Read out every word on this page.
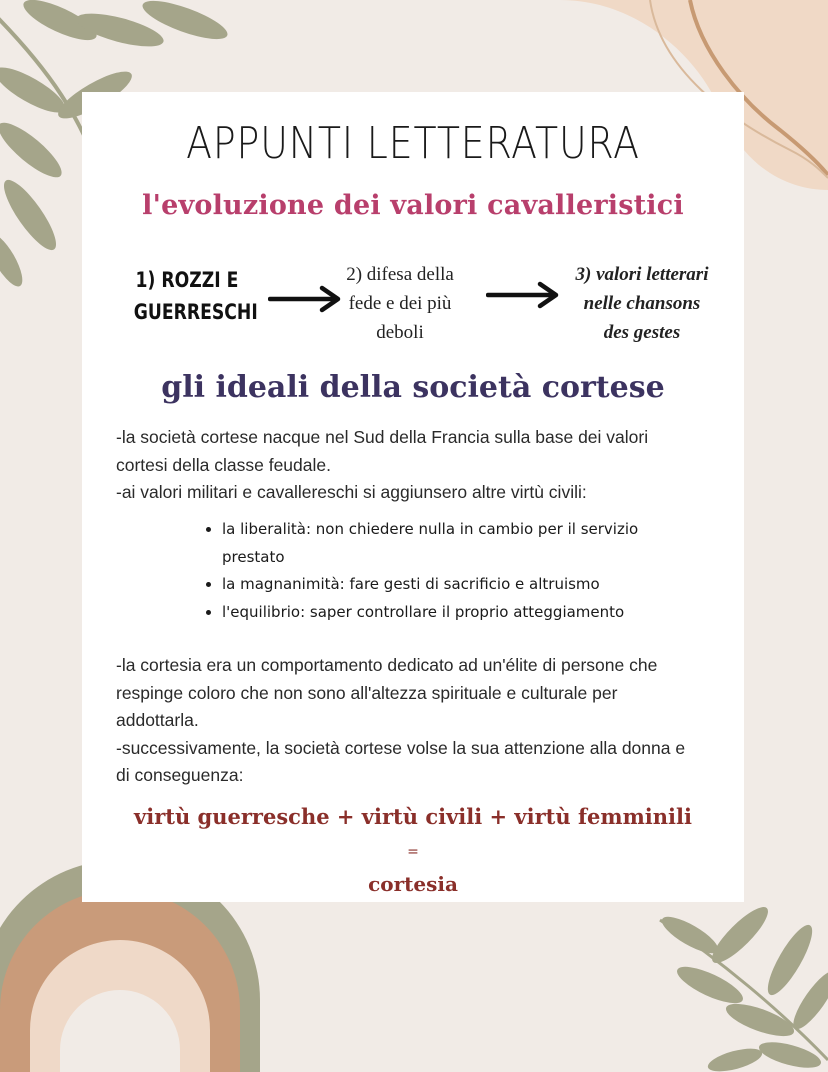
APPUNTI LETTERATURA
l'evoluzione dei valori cavalleristici
1) ROZZI E
GUERRESCHI
2) difesa della
fede e dei più
deboli
3) valori letterari
nelle chansons
des gestes
gli ideali della società cortese
-la società cortese nacque nel Sud della Francia sulla base dei valori
cortesi della classe feudale.
-ai valori militari e cavallereschi si aggiunsero altre virtù civili:
• la liberalità: non chiedere nulla in cambio per il servizio prestato
• la magnanimità: fare gesti di sacrificio e altruismo
• l'equilibrio: saper controllare il proprio atteggiamento
-la cortesia era un comportamento dedicato ad un'élite di persone che
respinge coloro che non sono all'altezza spirituale e culturale per
addottarla.
-successivamente, la società cortese volse la sua attenzione alla donna e
di conseguenza:
virtù guerresche + virtù civili + virtù femminili
=
cortesia
